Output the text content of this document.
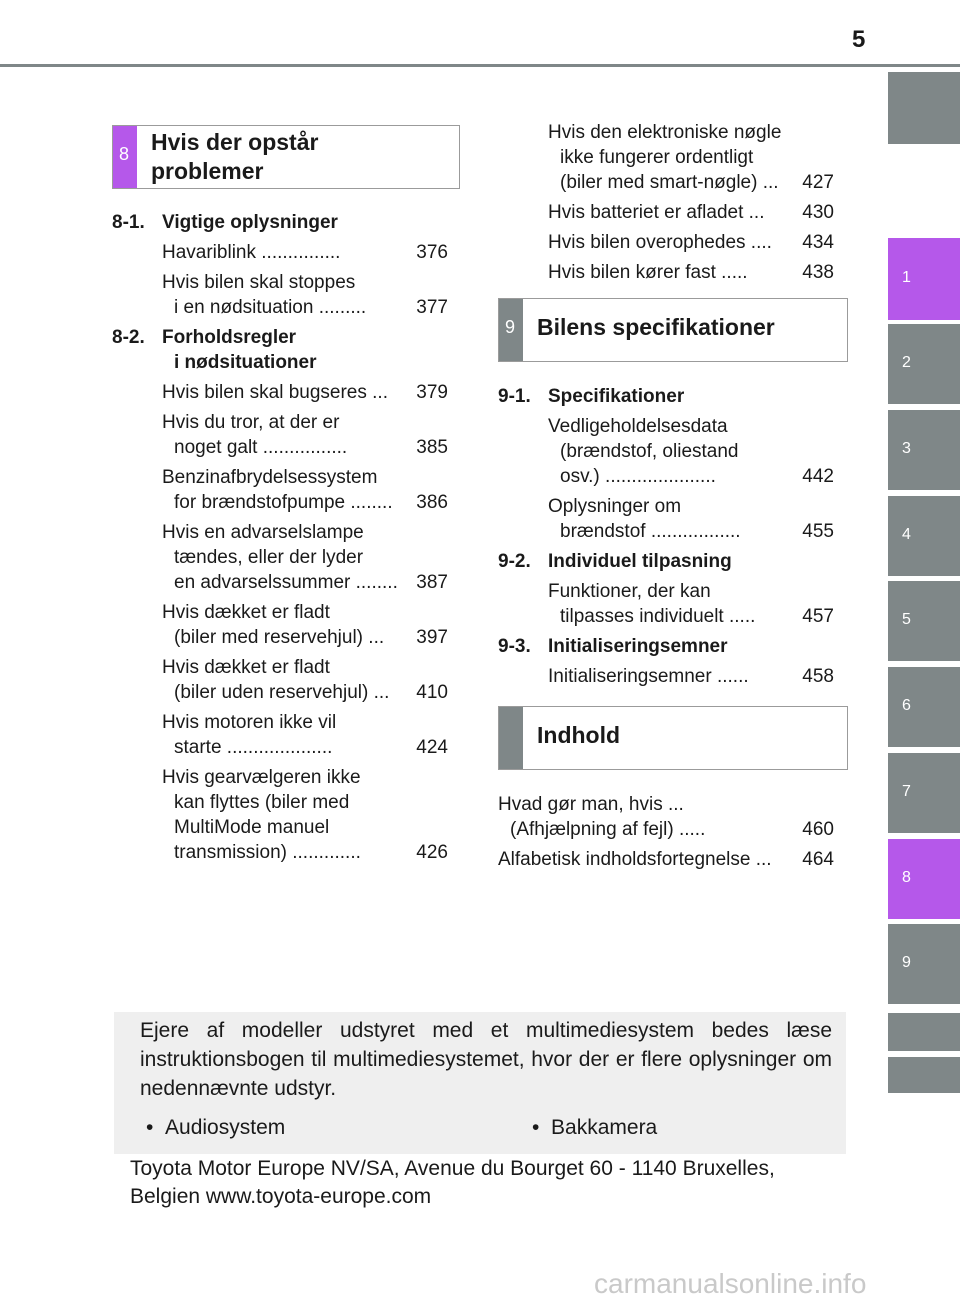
5
1
2
3
4
5
6
7
8
9
8 Hvis der opstår
problemer
8-1. Vigtige oplysninger
Havariblink ...............	376
Hvis bilen skal stoppes
i en nødsituation .........	377
8-2. Forholdsregler
i nødsituationer
Hvis bilen skal bugseres ...	379
Hvis du tror, at der er
noget galt ................	385
Benzinafbrydelsessystem
for brændstofpumpe ........	386
Hvis en advarselslampe
tændes, eller der lyder
en advarselssummer ........ 387
Hvis dækket er fladt
(biler med reservehjul) ...	397
Hvis dækket er fladt
(biler uden reservehjul) ...	410
Hvis motoren ikke vil
starte ....................	424
Hvis gearvælgeren ikke
kan flyttes (biler med
MultiMode manuel
transmission) .............	426
Hvis den elektroniske nøgle
ikke fungerer ordentligt
(biler med smart-nøgle) ...	427
Hvis batteriet er afladet ...	430
Hvis bilen overophedes ....	434
Hvis bilen kører fast .....	438
9 Bilens specifikationer
9-1. Specifikationer
Vedligeholdelsesdata
(brændstof, oliestand
osv.) .....................	442
Oplysninger om
brændstof .................	455
9-2. Individuel tilpasning
Funktioner, der kan
tilpasses individuelt .....	457
9-3. Initialiseringsemner
Initialiseringsemner ......	458
Indhold
Hvad gør man, hvis ...
(Afhjælpning af fejl) .....	460
Alfabetisk indholdsfortegnelse ...	464
Ejere af modeller udstyret med et multimediesystem bedes læse instruktionsbogen til multimediesystemet, hvor der er flere oplysninger om nedennævnte udstyr.
• Audiosystem	• Bakkamera
Toyota Motor Europe NV/SA, Avenue du Bourget 60 - 1140 Bruxelles, Belgien www.toyota-europe.com
carmanualsonline.info
